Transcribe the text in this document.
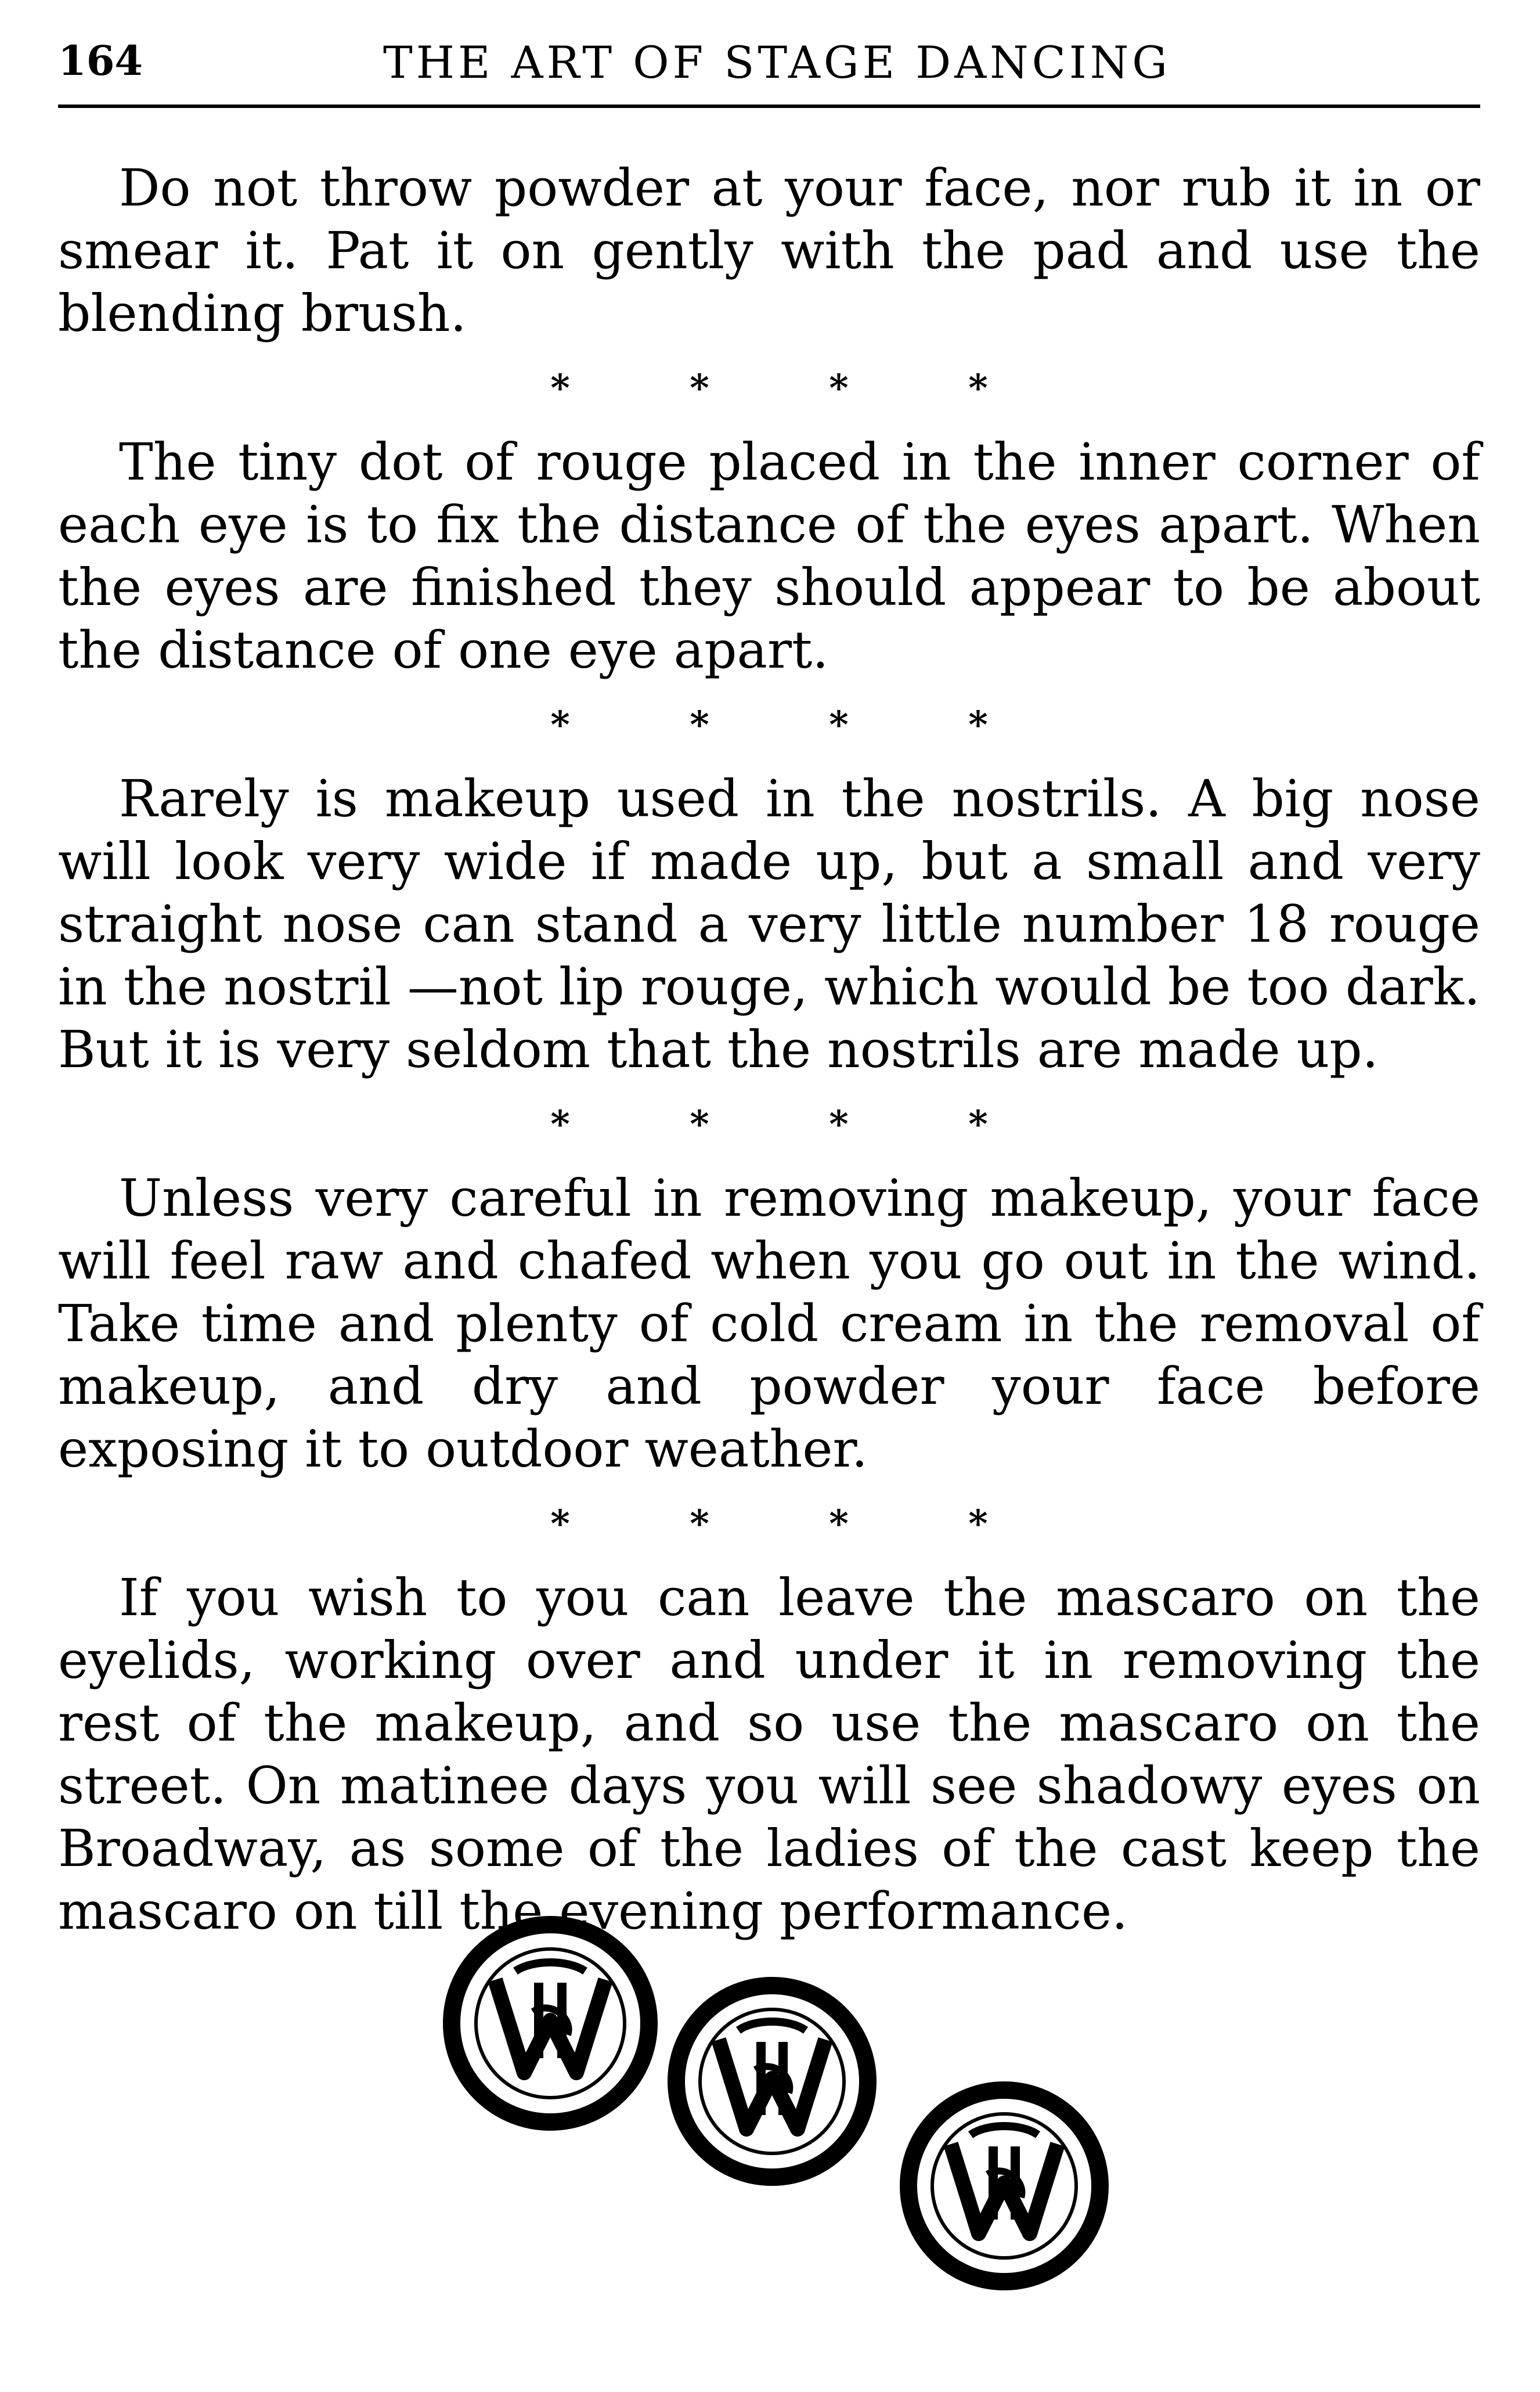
164	THE ART OF STAGE DANCING

Do not throw powder at your face, nor rub it in or smear it. Pat it on gently with the pad and use the blending brush.

*	*	*	*

The tiny dot of rouge placed in the inner corner of each eye is to fix the distance of the eyes apart. When the eyes are finished they should appear to be about the distance of one eye apart.

*	*	*	*

Rarely is makeup used in the nostrils. A big nose will look very wide if made up, but a small and very straight nose can stand a very little number 18 rouge in the nostril —not lip rouge, which would be too dark. But it is very seldom that the nostrils are made up.

*	*	*	*

Unless very careful in removing makeup, your face will feel raw and chafed when you go out in the wind. Take time and plenty of cold cream in the removal of makeup, and dry and powder your face before exposing it to outdoor weather.

*	*	*	*

If you wish to you can leave the mascaro on the eyelids, working over and under it in removing the rest of the makeup, and so use the mascaro on the street. On matinee days you will see shadowy eyes on Broadway, as some of the ladies of the cast keep the mascaro on till the evening performance.
